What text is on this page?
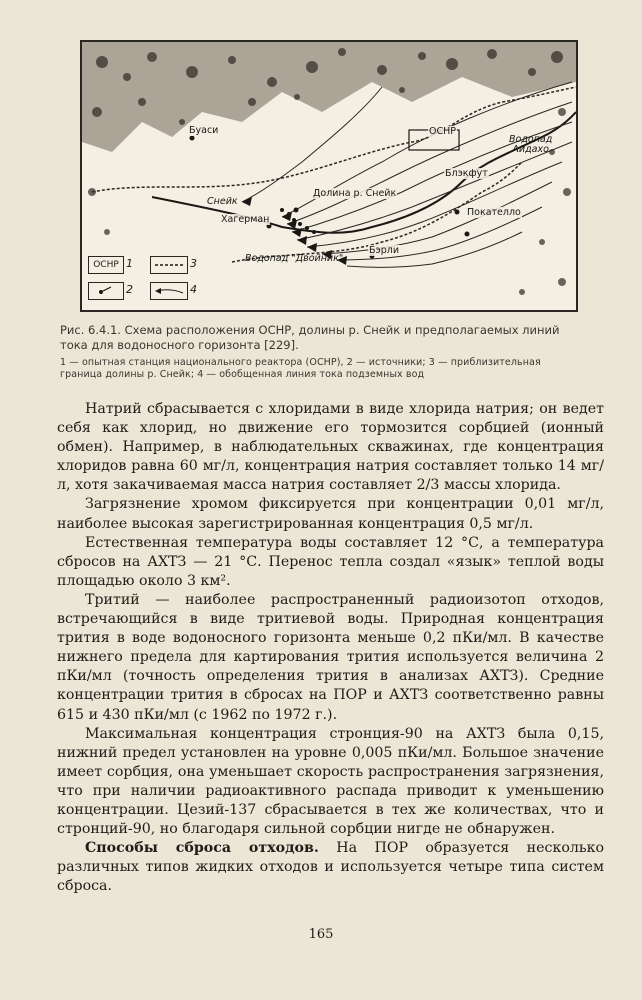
Буаси	ОСНР
Водопад
Айдахо
Блэкфут
Долина р. Снейк
Снейк
Хагерман
Покателло
Бэрли
Водопад "Двойник"
ОСНР 1	3
2	4
Рис. 6.4.1. Схема расположения ОСНР, долины р. Снейк и предполагаемых линий тока для водоносного горизонта [229].
1 — опытная станция национального реактора (ОСНР), 2 — источники; 3 — приблизительная граница долины р. Снейк; 4 — обобщенная линия тока подземных вод

Натрий сбрасывается с хлоридами в виде хлорида натрия; он ведет себя как хлорид, но движение его тормозится сорбцией (ионный обмен). Например, в наблюдательных скважинах, где концентрация хлоридов равна 60 мг/л, концентрация натрия составляет только 14 мг/л, хотя закачиваемая масса натрия составляет 2/3 массы хлорида.

Загрязнение хромом фиксируется при концентрации 0,01 мг/л, наиболее высокая зарегистрированная концентрация 0,5 мг/л.

Естественная температура воды составляет 12 °С, а температура сбросов на АХТЗ — 21 °С. Перенос тепла создал «язык» теплой воды площадью около 3 км².

Тритий — наиболее распространенный радиоизотоп отходов, встречающийся в виде тритиевой воды. Природная концентрация трития в воде водоносного горизонта меньше 0,2 пКи/мл. В качестве нижнего предела для картирования трития используется величина 2 пКи/мл (точность определения трития в анализах АХТЗ). Средние концентрации трития в сбросах на ПОР и АХТЗ соответственно равны 615 и 430 пКи/мл (с 1962 по 1972 г.).

Максимальная концентрация стронция-90 на АХТЗ была 0,15, нижний предел установлен на уровне 0,005 пКи/мл. Большое значение имеет сорбция, она уменьшает скорость распространения загрязнения, что при наличии радиоактивного распада приводит к уменьшению концентрации. Цезий-137 сбрасывается в тех же количествах, что и стронций-90, но благодаря сильной сорбции нигде не обнаружен.

Способы сброса отходов. На ПОР образуется несколько различных типов жидких отходов и используется четыре типа систем сброса.

165
